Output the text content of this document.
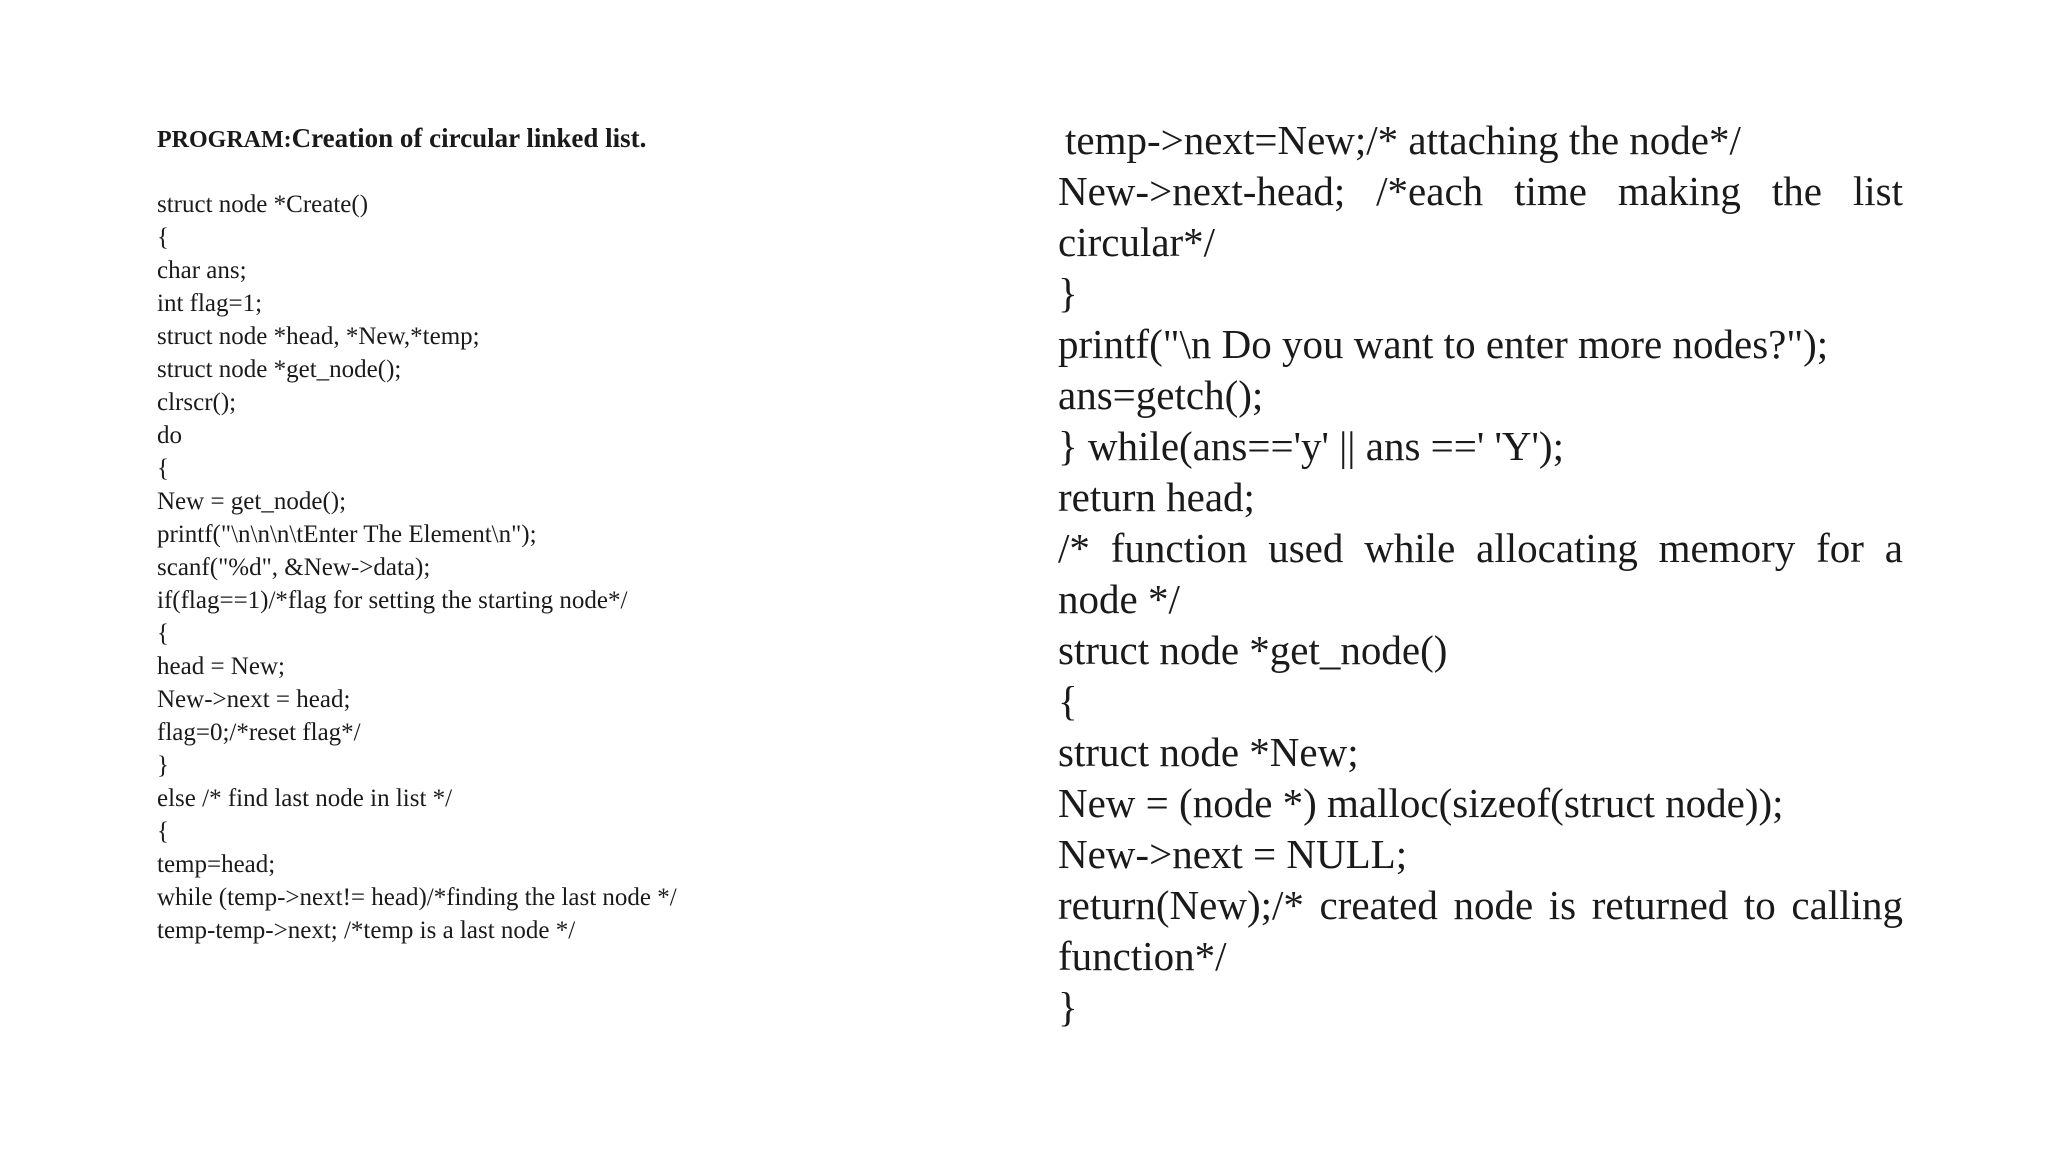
PROGRAM:Creation of circular linked list.
struct node *Create()
{
char ans;
int flag=1;
struct node *head, *New,*temp;
struct node *get_node();
clrscr();
do
{
New = get_node();
printf("\n\n\n\tEnter The Element\n");
scanf("%d", &New->data);
if(flag==1)/*flag for setting the starting node*/
{
head = New;
New->next = head;
flag=0;/*reset flag*/
}
else /* find last node in list */
{
temp=head;
while (temp->next!= head)/*finding the last node */
temp-temp->next; /*temp is a last node */
temp->next=New;/* attaching the node*/
New->next-head; /*each time making the list circular*/
}
printf("\n Do you want to enter more nodes?");
ans=getch();
} while(ans=='y' || ans ==' 'Y');
return head;
/* function used while allocating memory for a node */
struct node *get_node()
{
struct node *New;
New = (node *) malloc(sizeof(struct node));
New->next = NULL;
return(New);/* created node is returned to calling function*/
}
